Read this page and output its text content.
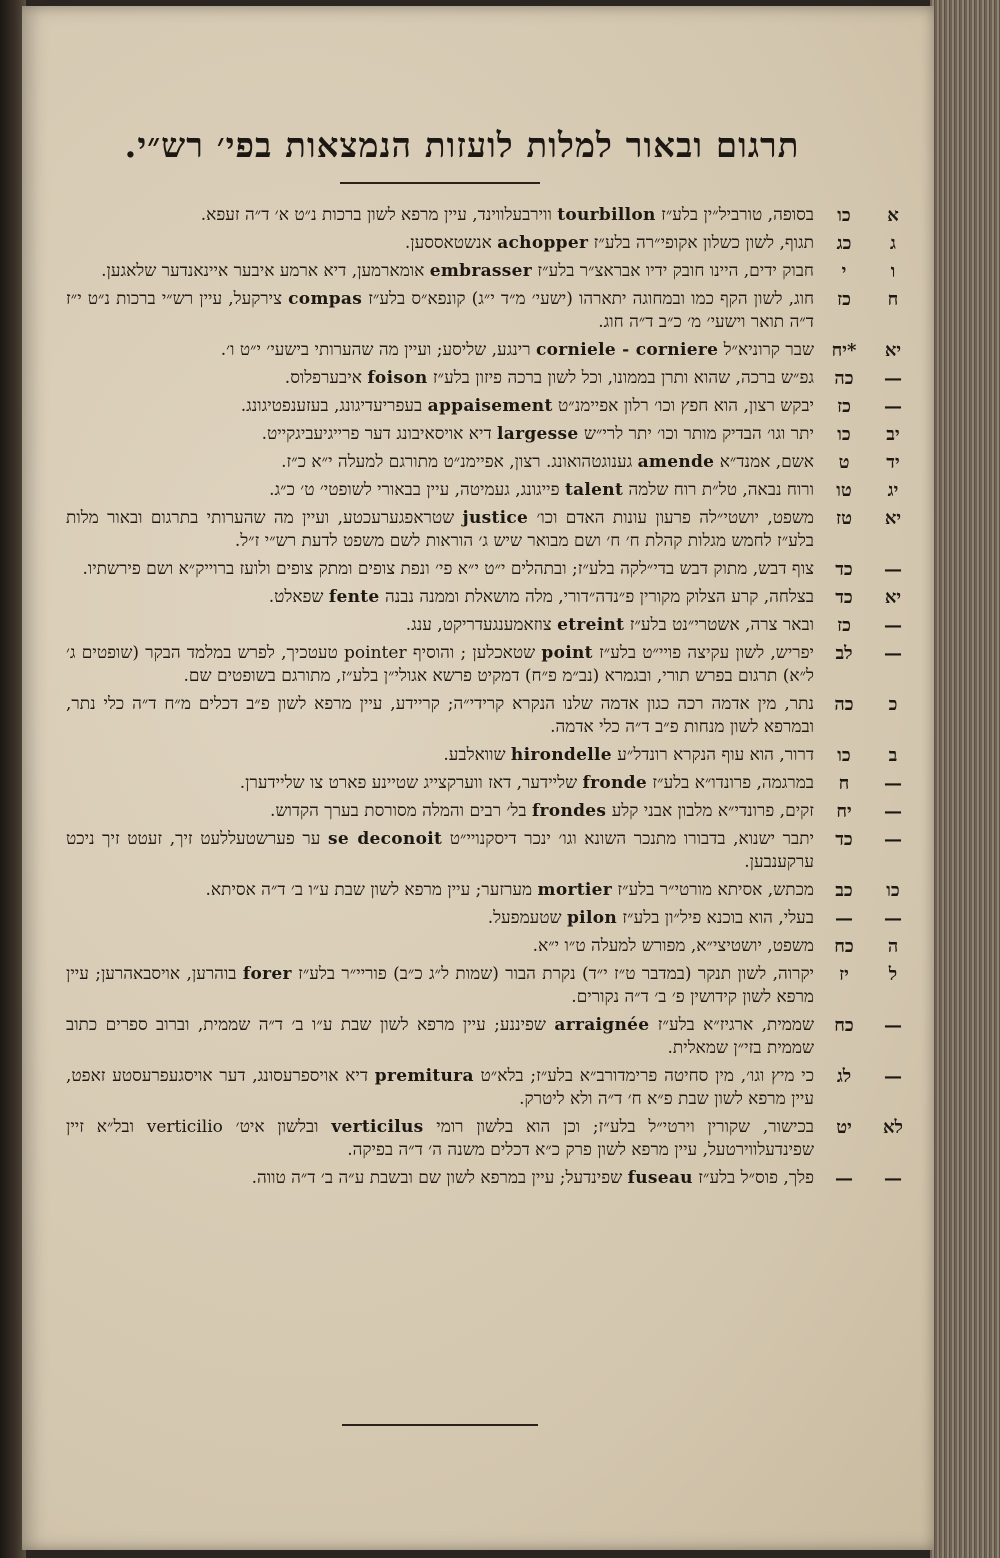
תרגום ובאור למלות לועזות הנמצאות בפי׳ רש״י.
א
כו
בסופה, טורביל״ין בלע״ז tourbillon ווירבעלווינד, עיין מרפא לשון ברכות נ״ט א׳ ד״ה זעפא.
ג
כג
תגוף, לשון כשלון אקופי״רה בלע״ז achopper אנשטאססען.
ו
י
חבוק ידים, היינו חובק ידיו אבראצ״ר בלע״ז embrasser אומארמען, דיא ארמע איבער איינאנדער שלאגען.
ח
כז
חוג, לשון הקף כמו ובמחוגה יתארהו (ישעי׳ מ״ד י״ג) קונפא״ס בלע״ז compas צירקעל, עיין רש״י ברכות נ״ט י״ז ד״ה תואר וישעי׳ מ׳ כ״ב ד״ה חוג.
יא
*יח
שבר קרוניא״ל corniele - corniere רינגע, שליסע; ועיין מה שהערותי בישעי׳ י״ט ו׳.
—
כה
גפ״ש ברכה, שהוא ותרן בממונו, וכל לשון ברכה פיזון בלע״ז foison איבערפלוס.
—
כז
יבקש רצון, הוא חפץ וכו׳ רלון אפיימנ״ט appaisement בעפריעדיגונג, בעזענפטיגונג.
יב
כו
יתר וגו׳ הבדיק מותר וכו׳ יתר לרי״ש largesse דיא אויסאיבונג דער פרייגיעביגקייט.
יד
ט
אשם, אמנד״א amende גענוגטהואונג. רצון, אפיימנ״ט מתורגם למעלה י״א כ״ז.
יג
טו
ורוח נבאה, טל״ת רוח שלמה talent פייגונג, געמיטה, עיין בבאורי לשופטי׳ ט׳ כ״ג.
יא
טז
משפט, יושטי״לה פרעון עונות האדם וכו׳ justice שטראפגערעכטע, ועיין מה שהערותי בתרגום ובאור מלות בלע״ז לחמש מגלות קהלת ח׳ ח׳ ושם מבואר שיש ג׳ הוראות לשם משפט לדעת רש״י ז״ל.
—
כד
צוף דבש, מתוק דבש בדי״לקה בלע״ז; ובתהלים י״ט י״א פי׳ ונפת צופים ומתק צופים ולועז ברוייק״א ושם פירשתיו.
יא
כד
בצלחה, קרע הצלוק מקורין פ״נדה״דורי, מלה מושאלת וממנה נבנה fente שפאלט.
—
כז
ובאר צרה, אשטרי״נט בלע״ז etreint צוזאמענגעדריקט, ענג.
—
לב
יפריש, לשון עקיצה פויי״ט בלע״ז point שטאכלען ; והוסיף pointer טעטכיך, לפרש במלמד הבקר (שופטים ג׳ ל״א) תרגום בפרש תורי, ובגמרא (נב״מ פ״ח) דמקיט פרשא אגולי״ן בלע״ז, מתורגם בשופטים שם.
כ
כה
נתר, מין אדמה רכה כגון אדמה שלנו הנקרא קרידי״ה; קריידע, עיין מרפא לשון פ״ב דכלים מ״ח ד״ה כלי נתר, ובמרפא לשון מנחות פ״ב ד״ה כלי אדמה.
ב
כו
דרור, הוא עוף הנקרא רונדל״ע hirondelle שוואלבע.
—
ח
במרגמה, פרונדו״א בלע״ז fronde שליידער, דאז ווערקצייג שטיינע פארט צו שליידערן.
—
יח
זקים, פרונדי״א מלבון אבני קלע frondes בל׳ רבים והמלה מסורסת בערך הקדוש.
—
כד
יתבר ישנוא, בדבורו מתנכר השונא וגו׳ ינכר דיסקנויי״ט se deconoit ער פערשטעללעט זיך, זעטט זיך ניכט ערקענבען.
כו
כב
מכתש, אסיתא מורטי״ר בלע״ז mortier מערזער; עיין מרפא לשון שבת ע״ו ב׳ ד״ה אסיתא.
—
—
בעלי, הוא בוכנא פיל״ון בלע״ז pilon שטעמפעל.
ה
כח
משפט, יושטיצי״א, מפורש למעלה ט״ו י״א.
ל
יז
יקרוה, לשון תנקר (במדבר ט״ז י״ד) נקרת הבור (שמות ל״ג כ״ב) פוריי״ר בלע״ז forer בוהרען, אויסבאהרען; עיין מרפא לשון קידושין פ׳ ב׳ ד״ה נקורים.
—
כח
שממית, ארגיז״א בלע״ז arraignée שפיננע; עיין מרפא לשון שבת ע״ו ב׳ ד״ה שממית, וברוב ספרים כתוב שממית בזי״ן שמאלית.
—
לג
כי מיץ וגו׳, מין סחיטה פרימדורב״א בלע״ז; בלא״ט premitura דיא אויספרעסונג, דער אויסגעפרעסטע זאפט, עיין מרפא לשון שבת פ״א ח׳ ד״ה ולא ליטרק.
לא
יט
בכישור, שקורין וירטי״ל בלע״ז; וכן הוא בלשון רומי verticilus ובלשון איט׳ verticilio ובל״א זיין שפינדעלווירטעל, עיין מרפא לשון פרק כ״א דכלים משנה ה׳ ד״ה בפיקה.
—
—
פלך, פוס״ל בלע״ז fuseau שפינדעל; עיין במרפא לשון שם ובשבת ע״ה ב׳ ד״ה טווה.
